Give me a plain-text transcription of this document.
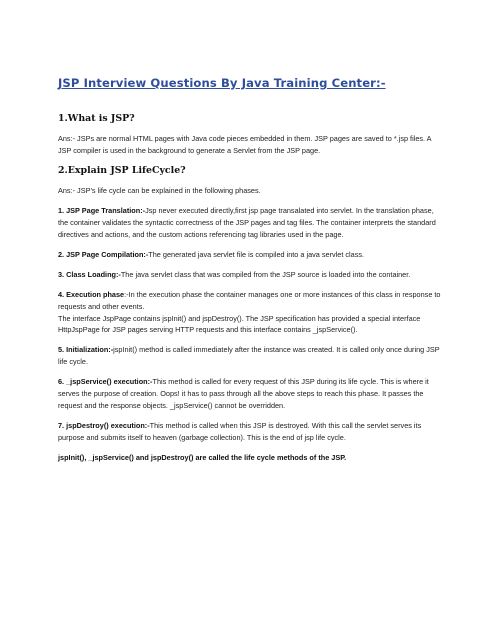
JSP Interview Questions By Java Training Center:-
1.What is JSP?

Ans:- JSPs are normal HTML pages with Java code pieces embedded in them. JSP pages are saved to *.jsp files. A JSP compiler is used in the background to generate a Servlet from the JSP page.

2.Explain JSP LifeCycle?

Ans:- JSP’s life cycle can be explained in the following phases.

1. JSP Page Translation:-Jsp never executed directly,first jsp page transalated into servlet. In the translation phase, the container validates the syntactic correctness of the JSP pages and tag files. The container interprets the standard directives and actions, and the custom actions referencing tag libraries used in the page.

2. JSP Page Compilation:-The generated java servlet file is compiled into a java servlet class.

3. Class Loading:-The java servlet class that was compiled from the JSP source is loaded into the container.

4. Execution phase:-In the execution phase the container manages one or more instances of this class in response to requests and other events.

The interface JspPage contains jspInit() and jspDestroy(). The JSP specification has provided a special interface HttpJspPage for JSP pages serving HTTP requests and this interface contains _jspService().

5. Initialization:-jspInit() method is called immediately after the instance was created. It is called only once during JSP life cycle.

6. _jspService() execution:-This method is called for every request of this JSP during its life cycle. This is where it serves the purpose of creation. Oops! it has to pass through all the above steps to reach this phase. It passes the request and the response objects. _jspService() cannot be overridden.

7. jspDestroy() execution:-This method is called when this JSP is destroyed. With this call the servlet serves its purpose and submits itself to heaven (garbage collection). This is the end of jsp life cycle.

jspInit(), _jspService() and jspDestroy() are called the life cycle methods of the JSP.
